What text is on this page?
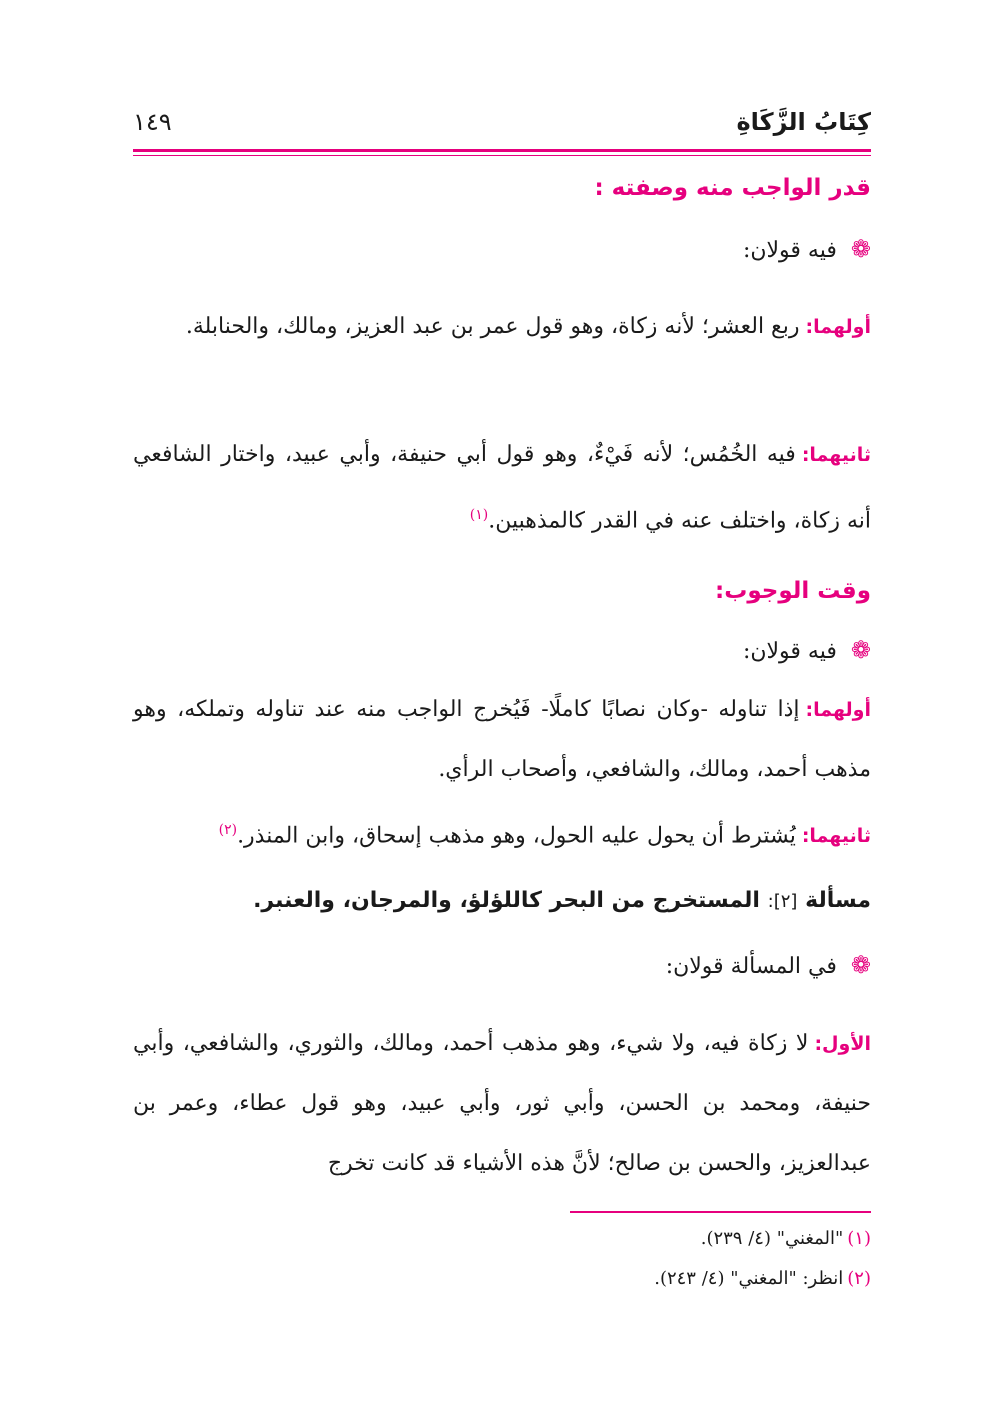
كِتَابُ الزَّكَاةِ
١٤٩
قدر الواجب منه وصفته :
❁فيه قولان:
أولهما:ربع العشر؛ لأنه زكاة، وهو قول عمر بن عبد العزيز، ومالك، والحنابلة.
ثانيهما:فيه الخُمُس؛ لأنه فَيْءٌ، وهو قول أبي حنيفة، وأبي عبيد، واختار الشافعي أنه زكاة، واختلف عنه في القدر كالمذهبين.$^{(١)}$
وقت الوجوب:
❁فيه قولان:
أولهما:إذا تناوله -وكان نصابًا كاملًا- فَيُخرج الواجب منه عند تناوله وتملكه، وهو مذهب أحمد، ومالك، والشافعي، وأصحاب الرأي.
ثانيهما:يُشترط أن يحول عليه الحول، وهو مذهب إسحاق، وابن المنذر.$^{(٢)}$
مسألة [٢]: المستخرج من البحر كاللؤلؤ، والمرجان، والعنبر.
❁في المسألة قولان:
الأول:لا زكاة فيه، ولا شيء، وهو مذهب أحمد، ومالك، والثوري، والشافعي، وأبي حنيفة، ومحمد بن الحسن، وأبي ثور، وأبي عبيد، وهو قول عطاء، وعمر بن عبدالعزيز، والحسن بن صالح؛ لأنَّ هذه الأشياء قد كانت تخرج
(١)"المغني" (٤/ ٢٣٩).
(٢)انظر: "المغني" (٤/ ٢٤٣).
